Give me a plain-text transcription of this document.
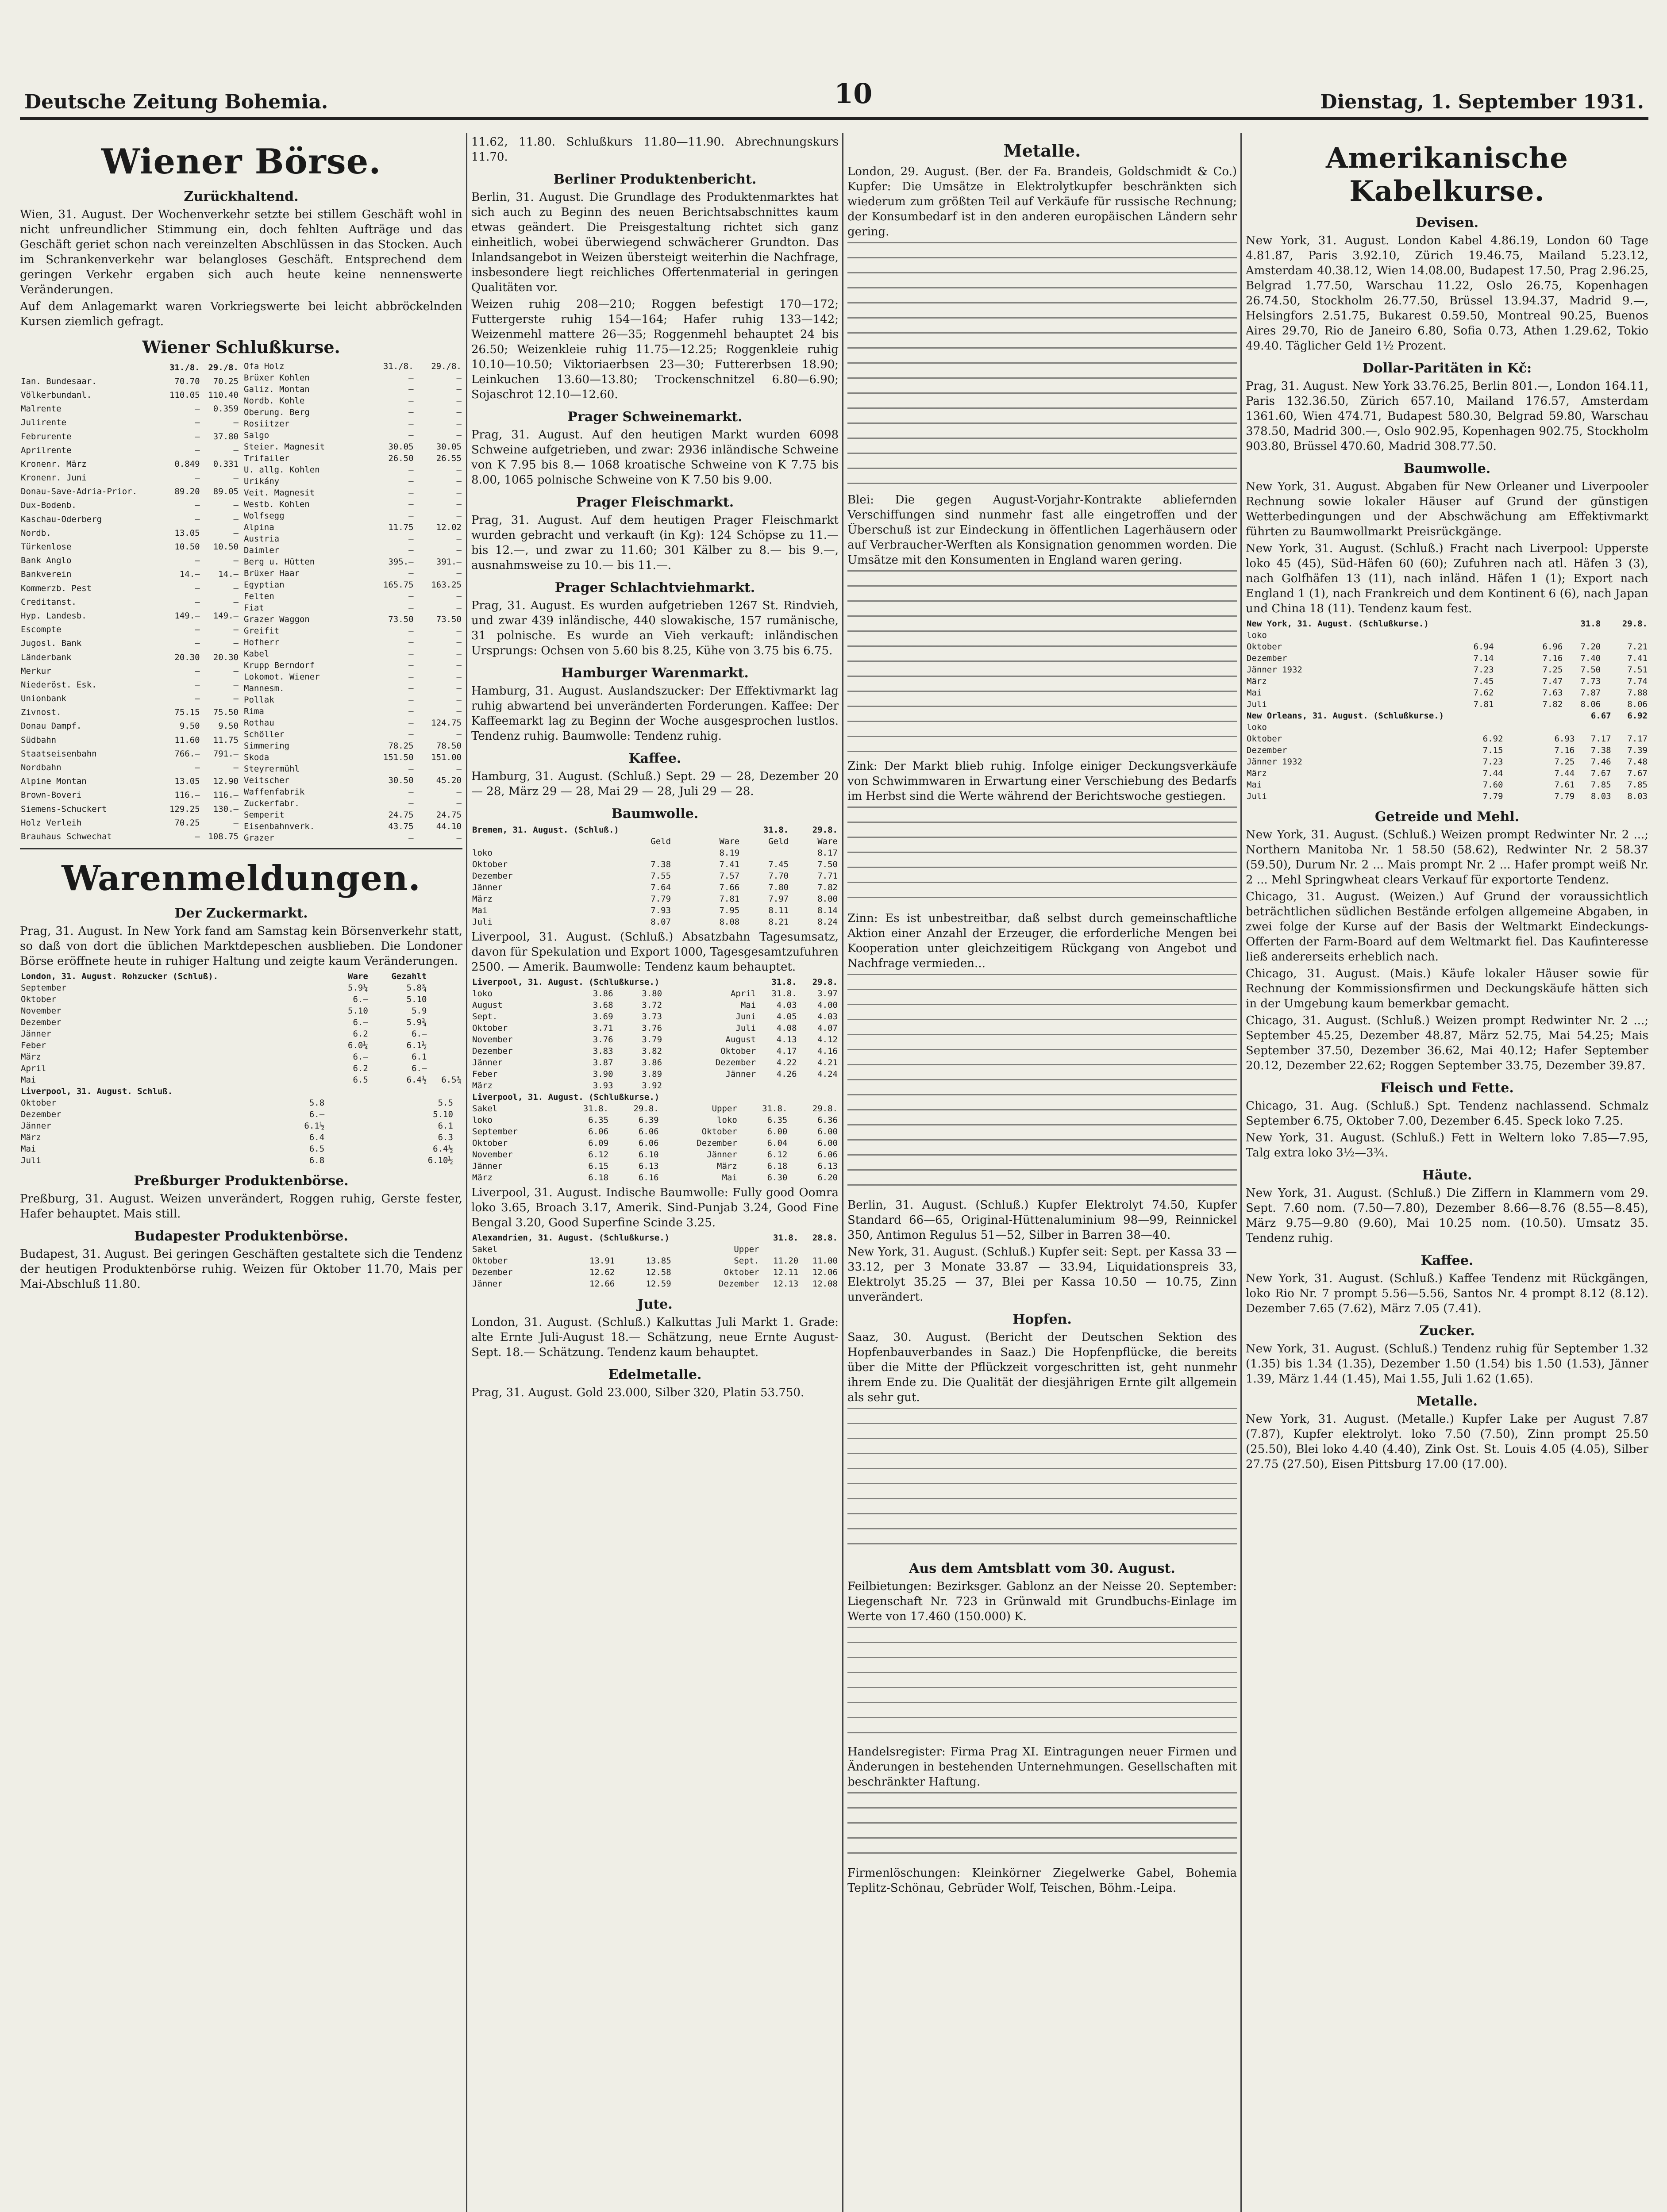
Deutsche Zeitung Bohemia.	10	Dienstag, 1. September 1931.
Wiener Börse.
Zurückhaltend.

Wien, 31. August. Der Wochenverkehr setzte bei stillem Geschäft wohl in nicht unfreundlicher Stimmung ein, doch fehlten Aufträge und das Geschäft geriet schon nach vereinzelten Abschlüssen in das Stocken. Auch im Schrankenverkehr war belangloses Geschäft. Entsprechend dem geringen Verkehr ergaben sich auch heute keine nennenswerte Veränderungen.

Auf dem Anlagemarkt waren Vorkriegswerte bei leicht abbröckelnden Kursen ziemlich gefragt.

Wiener Schlußkurse.
	31./8.	29./8.
Ian. Bundesaar.	70.70	70.25
Völkerbundanl.	110.05	110.40
Malrente	—	0.359
Julirente	—	—
Februrente	—	37.80
Aprilrente	—	—
Kronenr. März	0.849	0.331
Kronenr. Juni	—	—
Donau-Save-Adria-Prior.	89.20	89.05
Dux-Bodenb.	—	—
Kaschau-Oderberg	—	—
Nordb.	13.05	—
Türkenlose	10.50	10.50
Bank Anglo	—	—
Bankverein	14.—	14.—
Kommerzb. Pest	—	—
Creditanst.	—	—
Hyp. Landesb.	149.—	149.—
Escompte	—	—
Jugosl. Bank	—	—
Länderbank	20.30	20.30
Merkur	—	—
Niederöst. Esk.	—	—
Unionbank	—	—
Zivnost.	75.15	75.50
Donau Dampf.	9.50	9.50
Südbahn	11.60	11.75
Staatseisenbahn	766.—	791.—
Nordbahn	—	—
Alpine Montan	13.05	12.90
Brown-Boveri	116.—	116.—
Siemens-Schuckert	129.25	130.—
Holz Verleih	70.25	—
Brauhaus Schwechat	—	108.75
Ofa Holz	31./8.	29./8.
Brüxer Kohlen	—	—
Galiz. Montan	—	—
Nordb. Kohle	—	—
Oberung. Berg	—	—
Rosiitzer	—	—
Salgo	—	—
Steier. Magnesit	30.05	30.05
Trifailer	26.50	26.55
U. allg. Kohlen	—	—
Urikány	—	—
Veit. Magnesit	—	—
Westb. Kohlen	—	—
Wolfsegg	—	—
Alpina	11.75	12.02
Austria	—	—
Daimler	—	—
Berg u. Hütten	395.—	391.—
Brüxer Haar	—	—
Egyptian	165.75	163.25
Felten	—	—
Fiat	—	—
Grazer Waggon	73.50	73.50
Greifit	—	—
Hofherr	—	—
Kabel	—	—
Krupp Berndorf	—	—
Lokomot. Wiener	—	—
Mannesm.	—	—
Pollak	—	—
Rima	—	—
Rothau	—	124.75
Schöller	—	—
Simmering	78.25	78.50
Skoda	151.50	151.00
Steyrermühl	—	—
Veitscher	30.50	45.20
Waffenfabrik	—	—
Zuckerfabr.	—	—
Semperit	24.75	24.75
Eisenbahnverk.	43.75	44.10
Grazer	—	—
Warenmeldungen.
Der Zuckermarkt.

Prag, 31. August. In New York fand am Samstag kein Börsenverkehr statt, so daß von dort die üblichen Marktdepeschen ausblieben. Die Londoner Börse eröffnete heute in ruhiger Haltung und zeigte kaum Veränderungen.

London, 31. August. Rohzucker (Schluß).	Ware	Gezahlt	
September	5.9¼	5.8¾	
Oktober	6.—	5.10	
November	5.10	5.9	
Dezember	6.—	5.9¾	
Jänner	6.2	6.—	
Feber	6.0¼	6.1½	
März	6.—	6.1	
April	6.2	6.—	
Mai	6.5	6.4½	6.5¾
Liverpool, 31. August. Schluß.			
Oktober	5.8	5.5	
Dezember	6.—	5.10	
Jänner	6.1½	6.1	
März	6.4	6.3	
Mai	6.5	6.4½	
Juli	6.8	6.10½	
Preßburger Produktenbörse.

Preßburg, 31. August. Weizen unverändert, Roggen ruhig, Gerste fester, Hafer behauptet. Mais still.

Budapester Produktenbörse.

Budapest, 31. August. Bei geringen Geschäften gestaltete sich die Tendenz der heutigen Produktenbörse ruhig. Weizen für Oktober 11.70, Mais per Mai-Abschluß 11.80.

11.62, 11.80. Schlußkurs 11.80—11.90. Abrechnungskurs 11.70.

Berliner Produktenbericht.

Berlin, 31. August. Die Grundlage des Produktenmarktes hat sich auch zu Beginn des neuen Berichtsabschnittes kaum etwas geändert. Die Preisgestaltung richtet sich ganz einheitlich, wobei überwiegend schwächerer Grundton. Das Inlandsangebot in Weizen übersteigt weiterhin die Nachfrage, insbesondere liegt reichliches Offertenmaterial in geringen Qualitäten vor.

Weizen ruhig 208—210; Roggen befestigt 170—172; Futtergerste ruhig 154—164; Hafer ruhig 133—142; Weizenmehl mattere 26—35; Roggenmehl behauptet 24 bis 26.50; Weizenkleie ruhig 11.75—12.25; Roggenkleie ruhig 10.10—10.50; Viktoriaerbsen 23—30; Futtererbsen 18.90; Leinkuchen 13.60—13.80; Trockenschnitzel 6.80—6.90; Sojaschrot 12.10—12.60.

Prager Schweinemarkt.

Prag, 31. August. Auf den heutigen Markt wurden 6098 Schweine aufgetrieben, und zwar: 2936 inländische Schweine von K 7.95 bis 8.— 1068 kroatische Schweine von K 7.75 bis 8.00, 1065 polnische Schweine von K 7.50 bis 9.00.

Prager Fleischmarkt.

Prag, 31. August. Auf dem heutigen Prager Fleischmarkt wurden gebracht und verkauft (in Kg): 124 Schöpse zu 11.— bis 12.—, und zwar zu 11.60; 301 Kälber zu 8.— bis 9.—, ausnahmsweise zu 10.— bis 11.—.

Prager Schlachtviehmarkt.

Prag, 31. August. Es wurden aufgetrieben 1267 St. Rindvieh, und zwar 439 inländische, 440 slowakische, 157 rumänische, 31 polnische. Es wurde an Vieh verkauft: inländischen Ursprungs: Ochsen von 5.60 bis 8.25, Kühe von 3.75 bis 6.75.

Hamburger Warenmarkt.

Hamburg, 31. August. Auslandszucker: Der Effektivmarkt lag ruhig abwartend bei unveränderten Forderungen. Kaffee: Der Kaffeemarkt lag zu Beginn der Woche ausgesprochen lustlos. Tendenz ruhig. Baumwolle: Tendenz ruhig.

Kaffee.

Hamburg, 31. August. (Schluß.) Sept. 29 — 28, Dezember 20 — 28, März 29 — 28, Mai 29 — 28, Juli 29 — 28.

Baumwolle.
Bremen, 31. August. (Schluß.)			31.8.	29.8.
	Geld	Ware	Geld	Ware
loko		8.19		8.17
Oktober	7.38	7.41	7.45	7.50
Dezember	7.55	7.57	7.70	7.71
Jänner	7.64	7.66	7.80	7.82
März	7.79	7.81	7.97	8.00
Mai	7.93	7.95	8.11	8.14
Juli	8.07	8.08	8.21	8.24

Liverpool, 31. August. (Schluß.) Absatzbahn Tagesumsatz, davon für Spekulation und Export 1000, Tagesgesamtzufuhren 2500. — Amerik. Baumwolle: Tendenz kaum behauptet.

Liverpool, 31. August. (Schlußkurse.)				31.8.	29.8.
loko	3.86	3.80	April	31.8.	3.97
August	3.68	3.72	Mai	4.03	4.00
Sept.	3.69	3.73	Juni	4.05	4.03
Oktober	3.71	3.76	Juli	4.08	4.07
November	3.76	3.79	August	4.13	4.12
Dezember	3.83	3.82	Oktober	4.17	4.16
Jänner	3.87	3.86	Dezember	4.22	4.21
Feber	3.90	3.89	Jänner	4.26	4.24
März	3.93	3.92			
Liverpool, 31. August. (Schlußkurse.)					
Sakel	31.8.	29.8.	Upper	31.8.	29.8.
loko	6.35	6.39	loko	6.35	6.36
September	6.06	6.06	Oktober	6.00	6.00
Oktober	6.09	6.06	Dezember	6.04	6.00
November	6.12	6.10	Jänner	6.12	6.06
Jänner	6.15	6.13	März	6.18	6.13
März	6.18	6.16	Mai	6.30	6.20

Liverpool, 31. August. Indische Baumwolle: Fully good Oomra loko 3.65, Broach 3.17, Amerik. Sind-Punjab 3.24, Good Fine Bengal 3.20, Good Superfine Scinde 3.25.

Alexandrien, 31. August. (Schlußkurse.)				31.8.	28.8.
Sakel			Upper		
Oktober	13.91	13.85	Sept.	11.20	11.00
Dezember	12.62	12.58	Oktober	12.11	12.06
Jänner	12.66	12.59	Dezember	12.13	12.08
Jute.

London, 31. August. (Schluß.) Kalkuttas Juli Markt 1. Grade: alte Ernte Juli-August 18.— Schätzung, neue Ernte August-Sept. 18.— Schätzung. Tendenz kaum behauptet.

Edelmetalle.

Prag, 31. August. Gold 23.000, Silber 320, Platin 53.750.

Metalle.

London, 29. August. (Ber. der Fa. Brandeis, Goldschmidt & Co.) Kupfer: Die Umsätze in Elektrolytkupfer beschränkten sich wiederum zum größten Teil auf Verkäufe für russische Rechnung; der Konsumbedarf ist in den anderen europäischen Ländern sehr gering.

Blei: Die gegen August-Vorjahr-Kontrakte abliefernden Verschiffungen sind nunmehr fast alle eingetroffen und der Überschuß ist zur Eindeckung in öffentlichen Lagerhäusern oder auf Verbraucher-Werften als Konsignation genommen worden. Die Umsätze mit den Konsumenten in England waren gering.

Zink: Der Markt blieb ruhig. Infolge einiger Deckungsverkäufe von Schwimmwaren in Erwartung einer Verschiebung des Bedarfs im Herbst sind die Werte während der Berichtswoche gestiegen.

Zinn: Es ist unbestreitbar, daß selbst durch gemeinschaftliche Aktion einer Anzahl der Erzeuger, die erforderliche Mengen bei Kooperation unter gleichzeitigem Rückgang von Angebot und Nachfrage vermieden...

Berlin, 31. August. (Schluß.) Kupfer Elektrolyt 74.50, Kupfer Standard 66—65, Original-Hüttenaluminium 98—99, Reinnickel 350, Antimon Regulus 51—52, Silber in Barren 38—40.

New York, 31. August. (Schluß.) Kupfer seit: Sept. per Kassa 33 — 33.12, per 3 Monate 33.87 — 33.94, Liquidationspreis 33, Elektrolyt 35.25 — 37, Blei per Kassa 10.50 — 10.75, Zinn unverändert.

Hopfen.

Saaz, 30. August. (Bericht der Deutschen Sektion des Hopfenbauverbandes in Saaz.) Die Hopfenpflücke, die bereits über die Mitte der Pflückzeit vorgeschritten ist, geht nunmehr ihrem Ende zu. Die Qualität der diesjährigen Ernte gilt allgemein als sehr gut.

Aus dem Amtsblatt vom 30. August.

Feilbietungen: Bezirksger. Gablonz an der Neisse 20. September: Liegenschaft Nr. 723 in Grünwald mit Grundbuchs-Einlage im Werte von 17.460 (150.000) K.

Handelsregister: Firma Prag XI. Eintragungen neuer Firmen und Änderungen in bestehenden Unternehmungen. Gesellschaften mit beschränkter Haftung.

Firmenlöschungen: Kleinkörner Ziegelwerke Gabel, Bohemia Teplitz-Schönau, Gebrüder Wolf, Teischen, Böhm.-Leipa.

Amerikanische Kabelkurse.
Devisen.

New York, 31. August. London Kabel 4.86.19, London 60 Tage 4.81.87, Paris 3.92.10, Zürich 19.46.75, Mailand 5.23.12, Amsterdam 40.38.12, Wien 14.08.00, Budapest 17.50, Prag 2.96.25, Belgrad 1.77.50, Warschau 11.22, Oslo 26.75, Kopenhagen 26.74.50, Stockholm 26.77.50, Brüssel 13.94.37, Madrid 9.—, Helsingfors 2.51.75, Bukarest 0.59.50, Montreal 90.25, Buenos Aires 29.70, Rio de Janeiro 6.80, Sofia 0.73, Athen 1.29.62, Tokio 49.40. Täglicher Geld 1½ Prozent.

Dollar-Paritäten in Kč:

Prag, 31. August. New York 33.76.25, Berlin 801.—, London 164.11, Paris 132.36.50, Zürich 657.10, Mailand 176.57, Amsterdam 1361.60, Wien 474.71, Budapest 580.30, Belgrad 59.80, Warschau 378.50, Madrid 300.—, Oslo 902.95, Kopenhagen 902.75, Stockholm 903.80, Brüssel 470.60, Madrid 308.77.50.

Baumwolle.

New York, 31. August. Abgaben für New Orleaner und Liverpooler Rechnung sowie lokaler Häuser auf Grund der günstigen Wetterbedingungen und der Abschwächung am Effektivmarkt führten zu Baumwollmarkt Preisrückgänge.

New York, 31. August. (Schluß.) Fracht nach Liverpool: Upperste loko 45 (45), Süd-Häfen 60 (60); Zufuhren nach atl. Häfen 3 (3), nach Golfhäfen 13 (11), nach inländ. Häfen 1 (1); Export nach England 1 (1), nach Frankreich und dem Kontinent 6 (6), nach Japan und China 18 (11). Tendenz kaum fest.

New York, 31. August. (Schlußkurse.)			31.8	29.8.
loko				
Oktober	6.94	6.96	7.20	7.21
Dezember	7.14	7.16	7.40	7.41
Jänner 1932	7.23	7.25	7.50	7.51
März	7.45	7.47	7.73	7.74
Mai	7.62	7.63	7.87	7.88
Juli	7.81	7.82	8.06	8.06
New Orleans, 31. August. (Schlußkurse.)			6.67	6.92
loko				
Oktober	6.92	6.93	7.17	7.17
Dezember	7.15	7.16	7.38	7.39
Jänner 1932	7.23	7.25	7.46	7.48
März	7.44	7.44	7.67	7.67
Mai	7.60	7.61	7.85	7.85
Juli	7.79	7.79	8.03	8.03
Getreide und Mehl.

New York, 31. August. (Schluß.) Weizen prompt Redwinter Nr. 2 ...; Northern Manitoba Nr. 1 58.50 (58.62), Redwinter Nr. 2 58.37 (59.50), Durum Nr. 2 ... Mais prompt Nr. 2 ... Hafer prompt weiß Nr. 2 ... Mehl Springwheat clears Verkauf für exportorte Tendenz.

Chicago, 31. August. (Weizen.) Auf Grund der voraussichtlich beträchtlichen südlichen Bestände erfolgen allgemeine Abgaben, in zwei folge der Kurse auf der Basis der Weltmarkt Eindeckungs-Offerten der Farm-Board auf dem Weltmarkt fiel. Das Kaufinteresse ließ andererseits erheblich nach.

Chicago, 31. August. (Mais.) Käufe lokaler Häuser sowie für Rechnung der Kommissionsfirmen und Deckungskäufe hätten sich in der Umgebung kaum bemerkbar gemacht.

Chicago, 31. August. (Schluß.) Weizen prompt Redwinter Nr. 2 ...; September 45.25, Dezember 48.87, März 52.75, Mai 54.25; Mais September 37.50, Dezember 36.62, Mai 40.12; Hafer September 20.12, Dezember 22.62; Roggen September 33.75, Dezember 39.87.

Fleisch und Fette.

Chicago, 31. Aug. (Schluß.) Spt. Tendenz nachlassend. Schmalz September 6.75, Oktober 7.00, Dezember 6.45. Speck loko 7.25.

New York, 31. August. (Schluß.) Fett in Weltern loko 7.85—7.95, Talg extra loko 3½—3¾.

Häute.

New York, 31. August. (Schluß.) Die Ziffern in Klammern vom 29. Sept. 7.60 nom. (7.50—7.80), Dezember 8.66—8.76 (8.55—8.45), März 9.75—9.80 (9.60), Mai 10.25 nom. (10.50). Umsatz 35. Tendenz ruhig.

Kaffee.

New York, 31. August. (Schluß.) Kaffee Tendenz mit Rückgängen, loko Rio Nr. 7 prompt 5.56—5.56, Santos Nr. 4 prompt 8.12 (8.12). Dezember 7.65 (7.62), März 7.05 (7.41).

Zucker.

New York, 31. August. (Schluß.) Tendenz ruhig für September 1.32 (1.35) bis 1.34 (1.35), Dezember 1.50 (1.54) bis 1.50 (1.53), Jänner 1.39, März 1.44 (1.45), Mai 1.55, Juli 1.62 (1.65).

Metalle.

New York, 31. August. (Metalle.) Kupfer Lake per August 7.87 (7.87), Kupfer elektrolyt. loko 7.50 (7.50), Zinn prompt 25.50 (25.50), Blei loko 4.40 (4.40), Zink Ost. St. Louis 4.05 (4.05), Silber 27.75 (27.50), Eisen Pittsburg 17.00 (17.00).
